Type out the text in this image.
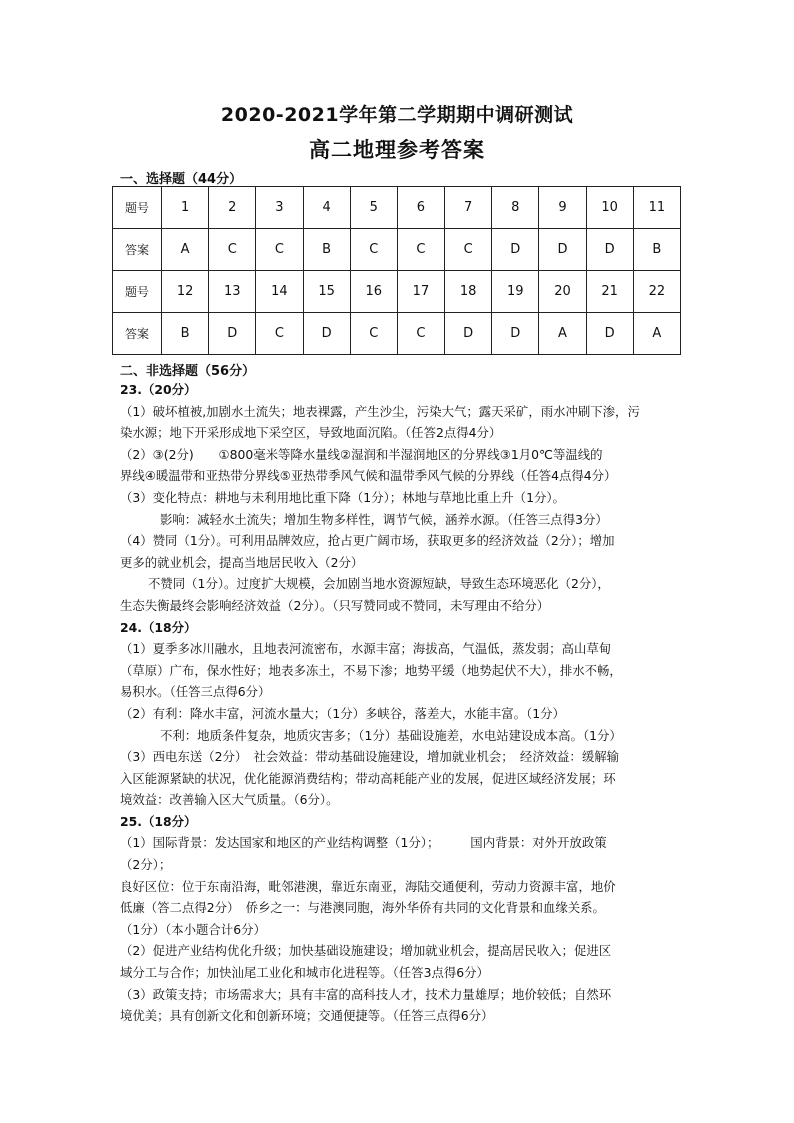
2020-2021学年第二学期期中调研测试
高二地理参考答案
一、选择题（44分）
题号	1	2	3	4	5	6	7	8	9	10	11
答案	A	C	C	B	C	C	C	D	D	D	B
题号	12	13	14	15	16	17	18	19	20	21	22
答案	B	D	C	D	C	C	D	D	A	D	A
二、非选择题（56分）
23.（20分）
（1）破坏植被,加剧水土流失；地表裸露，产生沙尘，污染大气；露天采矿，雨水冲刷下渗，污
染水源；地下开采形成地下采空区，导致地面沉陷。（任答2点得4分）
（2）③(2分)　　①800毫米等降水量线②湿润和半湿润地区的分界线③1月0℃等温线的
界线④暖温带和亚热带分界线⑤亚热带季风气候和温带季风气候的分界线（任答4点得4分）
（3）变化特点：耕地与未利用地比重下降（1分）；林地与草地比重上升（1分）。
影响：减轻水土流失；增加生物多样性，调节气候，涵养水源。（任答三点得3分）
（4）赞同（1分）。可利用品牌效应，抢占更广阔市场，获取更多的经济效益（2分）；增加
更多的就业机会，提高当地居民收入（2分）
不赞同（1分）。过度扩大规模，会加剧当地水资源短缺，导致生态环境恶化（2分），
生态失衡最终会影响经济效益（2分）。（只写赞同或不赞同，未写理由不给分）
24.（18分）
（1）夏季多冰川融水，且地表河流密布，水源丰富；海拔高，气温低，蒸发弱；高山草甸
（草原）广布，保水性好；地表多冻土，不易下渗；地势平缓（地势起伏不大），排水不畅，
易积水。（任答三点得6分）
（2）有利：降水丰富，河流水量大；（1分）多峡谷，落差大，水能丰富。（1分）
不利：地质条件复杂，地质灾害多；（1分）基础设施差，水电站建设成本高。（1分）
（3）西电东送（2分）　社会效益：带动基础设施建设，增加就业机会；　经济效益：缓解输
入区能源紧缺的状况，优化能源消费结构；带动高耗能产业的发展，促进区域经济发展；环
境效益：改善输入区大气质量。（6分）。
25.（18分）
（1）国际背景：发达国家和地区的产业结构调整（1分）；　　　国内背景：对外开放政策
（2分）；
良好区位：位于东南沿海，毗邻港澳，靠近东南亚，海陆交通便利，劳动力资源丰富，地价
低廉（答二点得2分）　侨乡之一：与港澳同胞，海外华侨有共同的文化背景和血缘关系。
（1分）（本小题合计6分）
（2）促进产业结构优化升级；加快基础设施建设；增加就业机会，提高居民收入；促进区
域分工与合作；加快汕尾工业化和城市化进程等。（任答3点得6分）
（3）政策支持；市场需求大；具有丰富的高科技人才，技术力量雄厚；地价较低；自然环
境优美；具有创新文化和创新环境；交通便捷等。（任答三点得6分）
